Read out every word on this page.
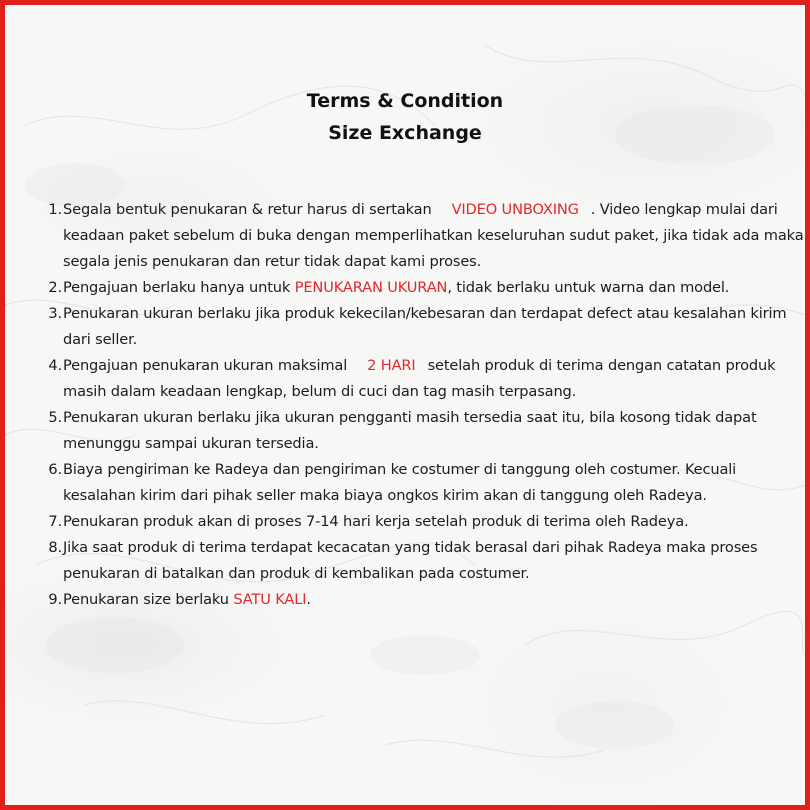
Terms & Condition
Size Exchange
1. Segala bentuk penukaran & retur harus di sertakan VIDEO UNBOXING . Video lengkap mulai dari keadaan paket sebelum di buka dengan memperlihatkan keseluruhan sudut paket, jika tidak ada maka segala jenis penukaran dan retur tidak dapat kami proses.
2. Pengajuan berlaku hanya untuk PENUKARAN UKURAN, tidak berlaku untuk warna dan model.
3. Penukaran ukuran berlaku jika produk kekecilan/kebesaran dan terdapat defect atau kesalahan kirim dari seller.
4. Pengajuan penukaran ukuran maksimal 2 HARI setelah produk di terima dengan catatan produk masih dalam keadaan lengkap, belum di cuci dan tag masih terpasang.
5. Penukaran ukuran berlaku jika ukuran pengganti masih tersedia saat itu, bila kosong tidak dapat menunggu sampai ukuran tersedia.
6. Biaya pengiriman ke Radeya dan pengiriman ke costumer di tanggung oleh costumer. Kecuali kesalahan kirim dari pihak seller maka biaya ongkos kirim akan di tanggung oleh Radeya.
7. Penukaran produk akan di proses 7-14 hari kerja setelah produk di terima oleh Radeya.
8. Jika saat produk di terima terdapat kecacatan yang tidak berasal dari pihak Radeya maka proses penukaran di batalkan dan produk di kembalikan pada costumer.
9. Penukaran size berlaku SATU KALI.
